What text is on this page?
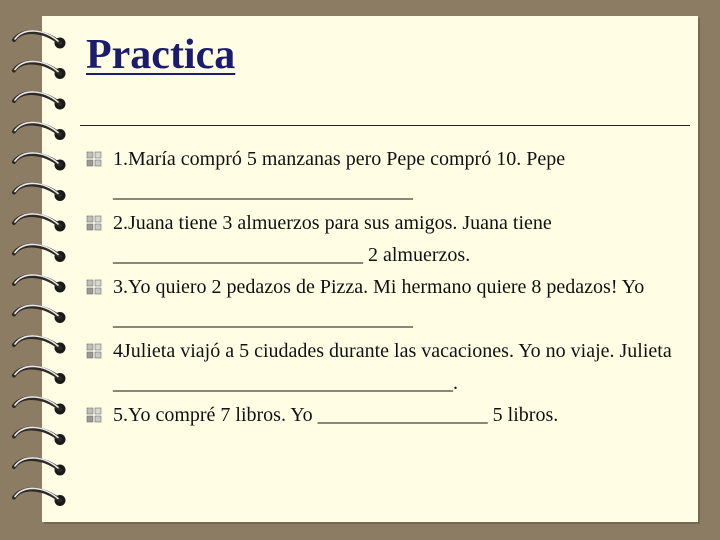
Practica
1.María compró 5 manzanas pero Pepe compró 10. Pepe ______________________________
2.Juana tiene 3 almuerzos para sus amigos. Juana tiene _________________________ 2 almuerzos.
3.Yo quiero 2 pedazos de Pizza. Mi hermano quiere 8 pedazos! Yo ______________________________
4Julieta viajó a 5 ciudades durante las vacaciones. Yo no viaje. Julieta __________________________________.
5.Yo compré 7 libros. Yo _________________ 5 libros.
